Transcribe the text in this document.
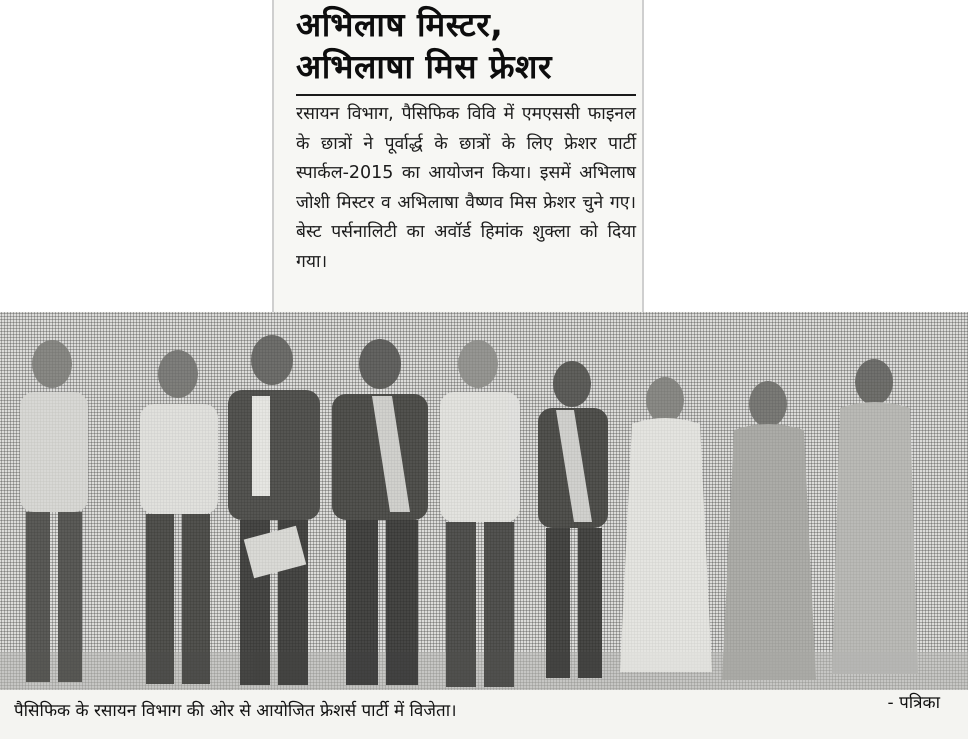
अभिलाष मिस्टर,
अभिलाषा मिस फ्रेशर

रसायन विभाग, पैसिफिक विवि में एमएससी फाइनल के छात्रों ने पूर्वार्द्ध के छात्रों के लिए फ्रेशर पार्टी स्पार्कल-2015 का आयोजन किया। इसमें अभिलाष जोशी मिस्टर व अभिलाषा वैष्णव मिस फ्रेशर चुने गए। बेस्ट पर्सनालिटी का अवॉर्ड हिमांक शुक्ला को दिया गया।

पैसिफिक के रसायन विभाग की ओर से आयोजित फ्रेशर्स पार्टी में विजेता।	- पत्रिका
